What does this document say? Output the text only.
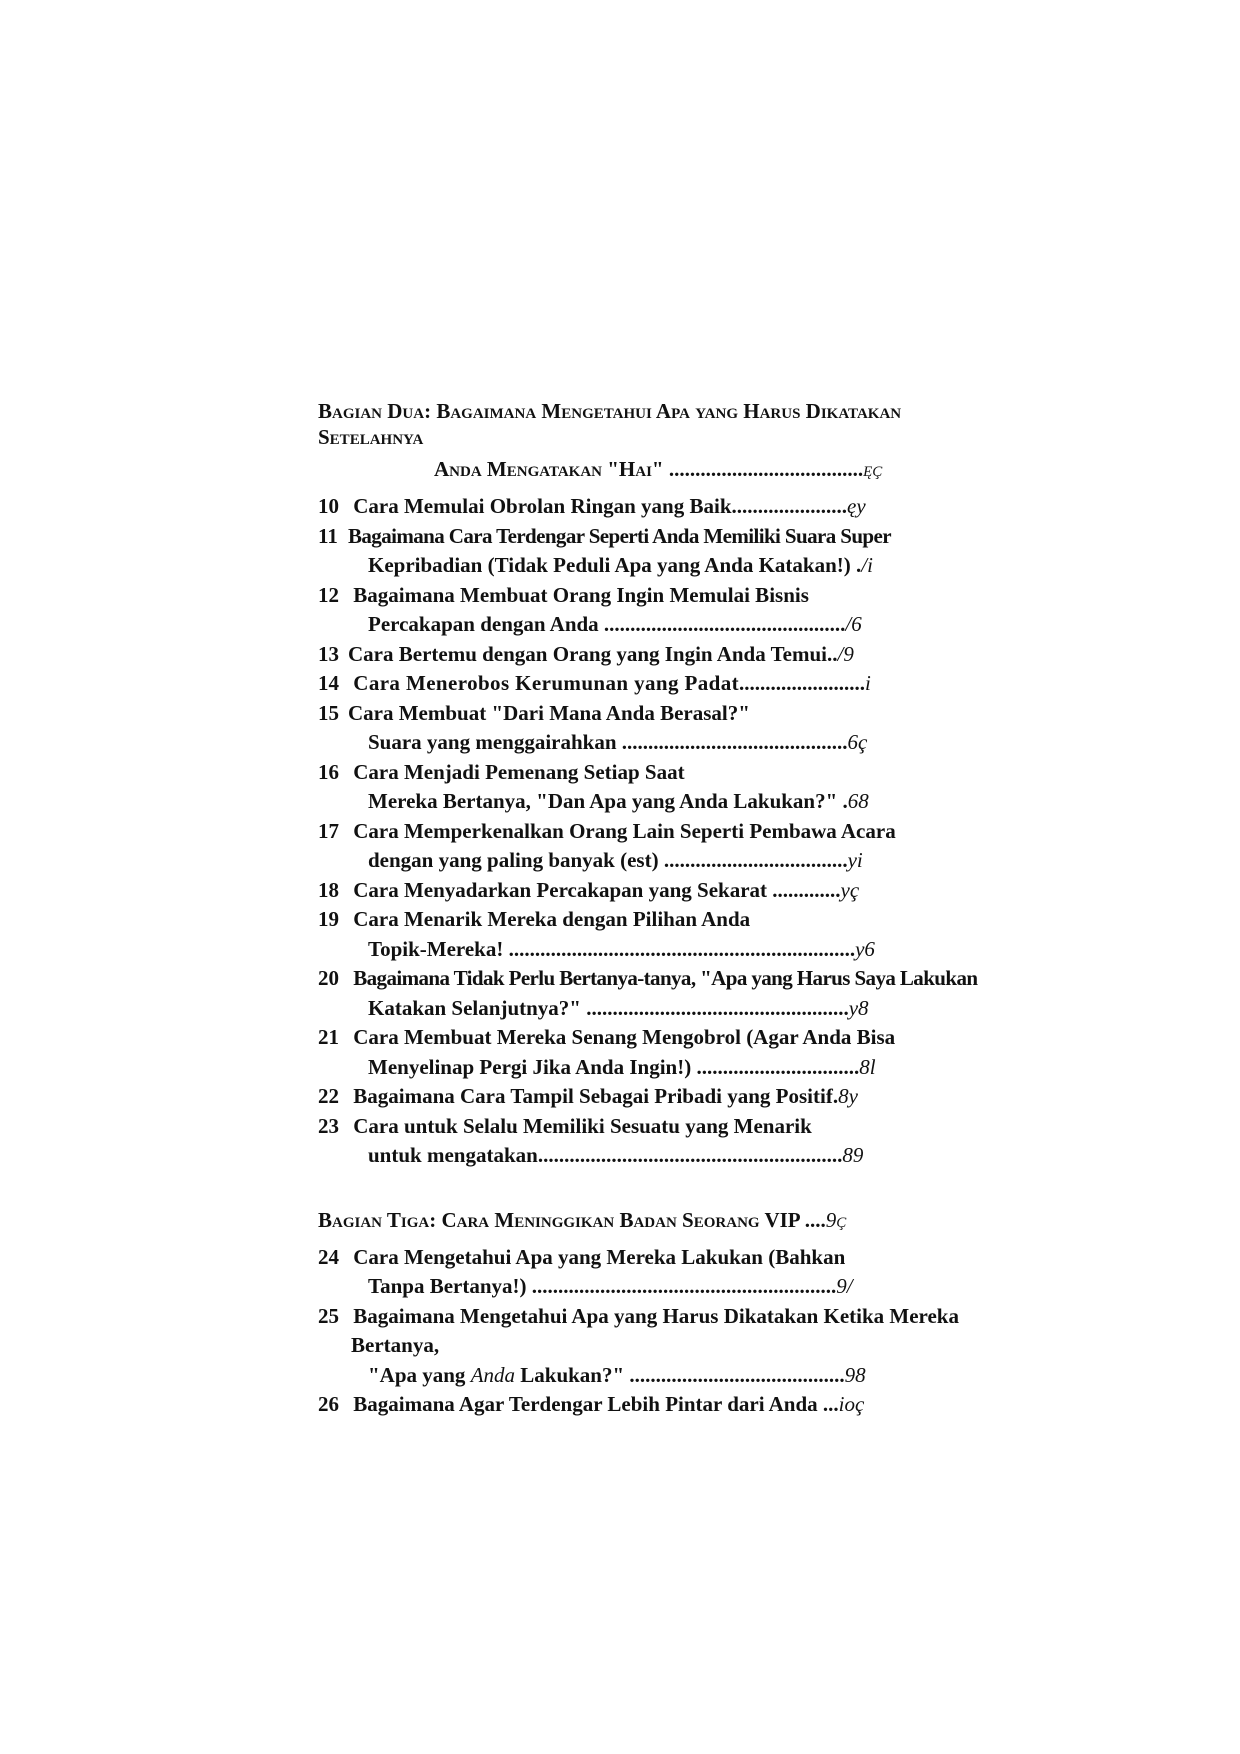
Bagian Dua: Bagaimana Mengetahui Apa yang Harus Dikatakan
Setelahnya
Anda Mengatakan "Hai" .....................................ęç
10 Cara Memulai Obrolan Ringan yang Baik......................ęy
11 Bagaimana Cara Terdengar Seperti Anda Memiliki Suara Super
Kepribadian (Tidak Peduli Apa yang Anda Katakan!) ./i
12 Bagaimana Membuat Orang Ingin Memulai Bisnis
Percakapan dengan Anda ............................................../6
13 Cara Bertemu dengan Orang yang Ingin Anda Temui../9
14 Cara Menerobos Kerumunan yang Padat........................i
15 Cara Membuat "Dari Mana Anda Berasal?"
Suara yang menggairahkan ...........................................6ç
16 Cara Menjadi Pemenang Setiap Saat
Mereka Bertanya, "Dan Apa yang Anda Lakukan?" .68
17 Cara Memperkenalkan Orang Lain Seperti Pembawa Acara
dengan yang paling banyak (est) ...................................yi
18 Cara Menyadarkan Percakapan yang Sekarat .............yç
19 Cara Menarik Mereka dengan Pilihan Anda
Topik-Mereka! ..................................................................y6
20 Bagaimana Tidak Perlu Bertanya-tanya, "Apa yang Harus Saya Lakukan
Katakan Selanjutnya?" ..................................................y8
21 Cara Membuat Mereka Senang Mengobrol (Agar Anda Bisa
Menyelinap Pergi Jika Anda Ingin!) ...............................8l
22 Bagaimana Cara Tampil Sebagai Pribadi yang Positif.8y
23 Cara untuk Selalu Memiliki Sesuatu yang Menarik
untuk mengatakan..........................................................89
Bagian Tiga: Cara Meninggikan Badan Seorang VIP ....9ç
24 Cara Mengetahui Apa yang Mereka Lakukan (Bahkan
Tanpa Bertanya!) ..........................................................9/
25 Bagaimana Mengetahui Apa yang Harus Dikatakan Ketika Mereka
Bertanya,
"Apa yang Anda Lakukan?" .........................................98
26 Bagaimana Agar Terdengar Lebih Pintar dari Anda ...ioç
